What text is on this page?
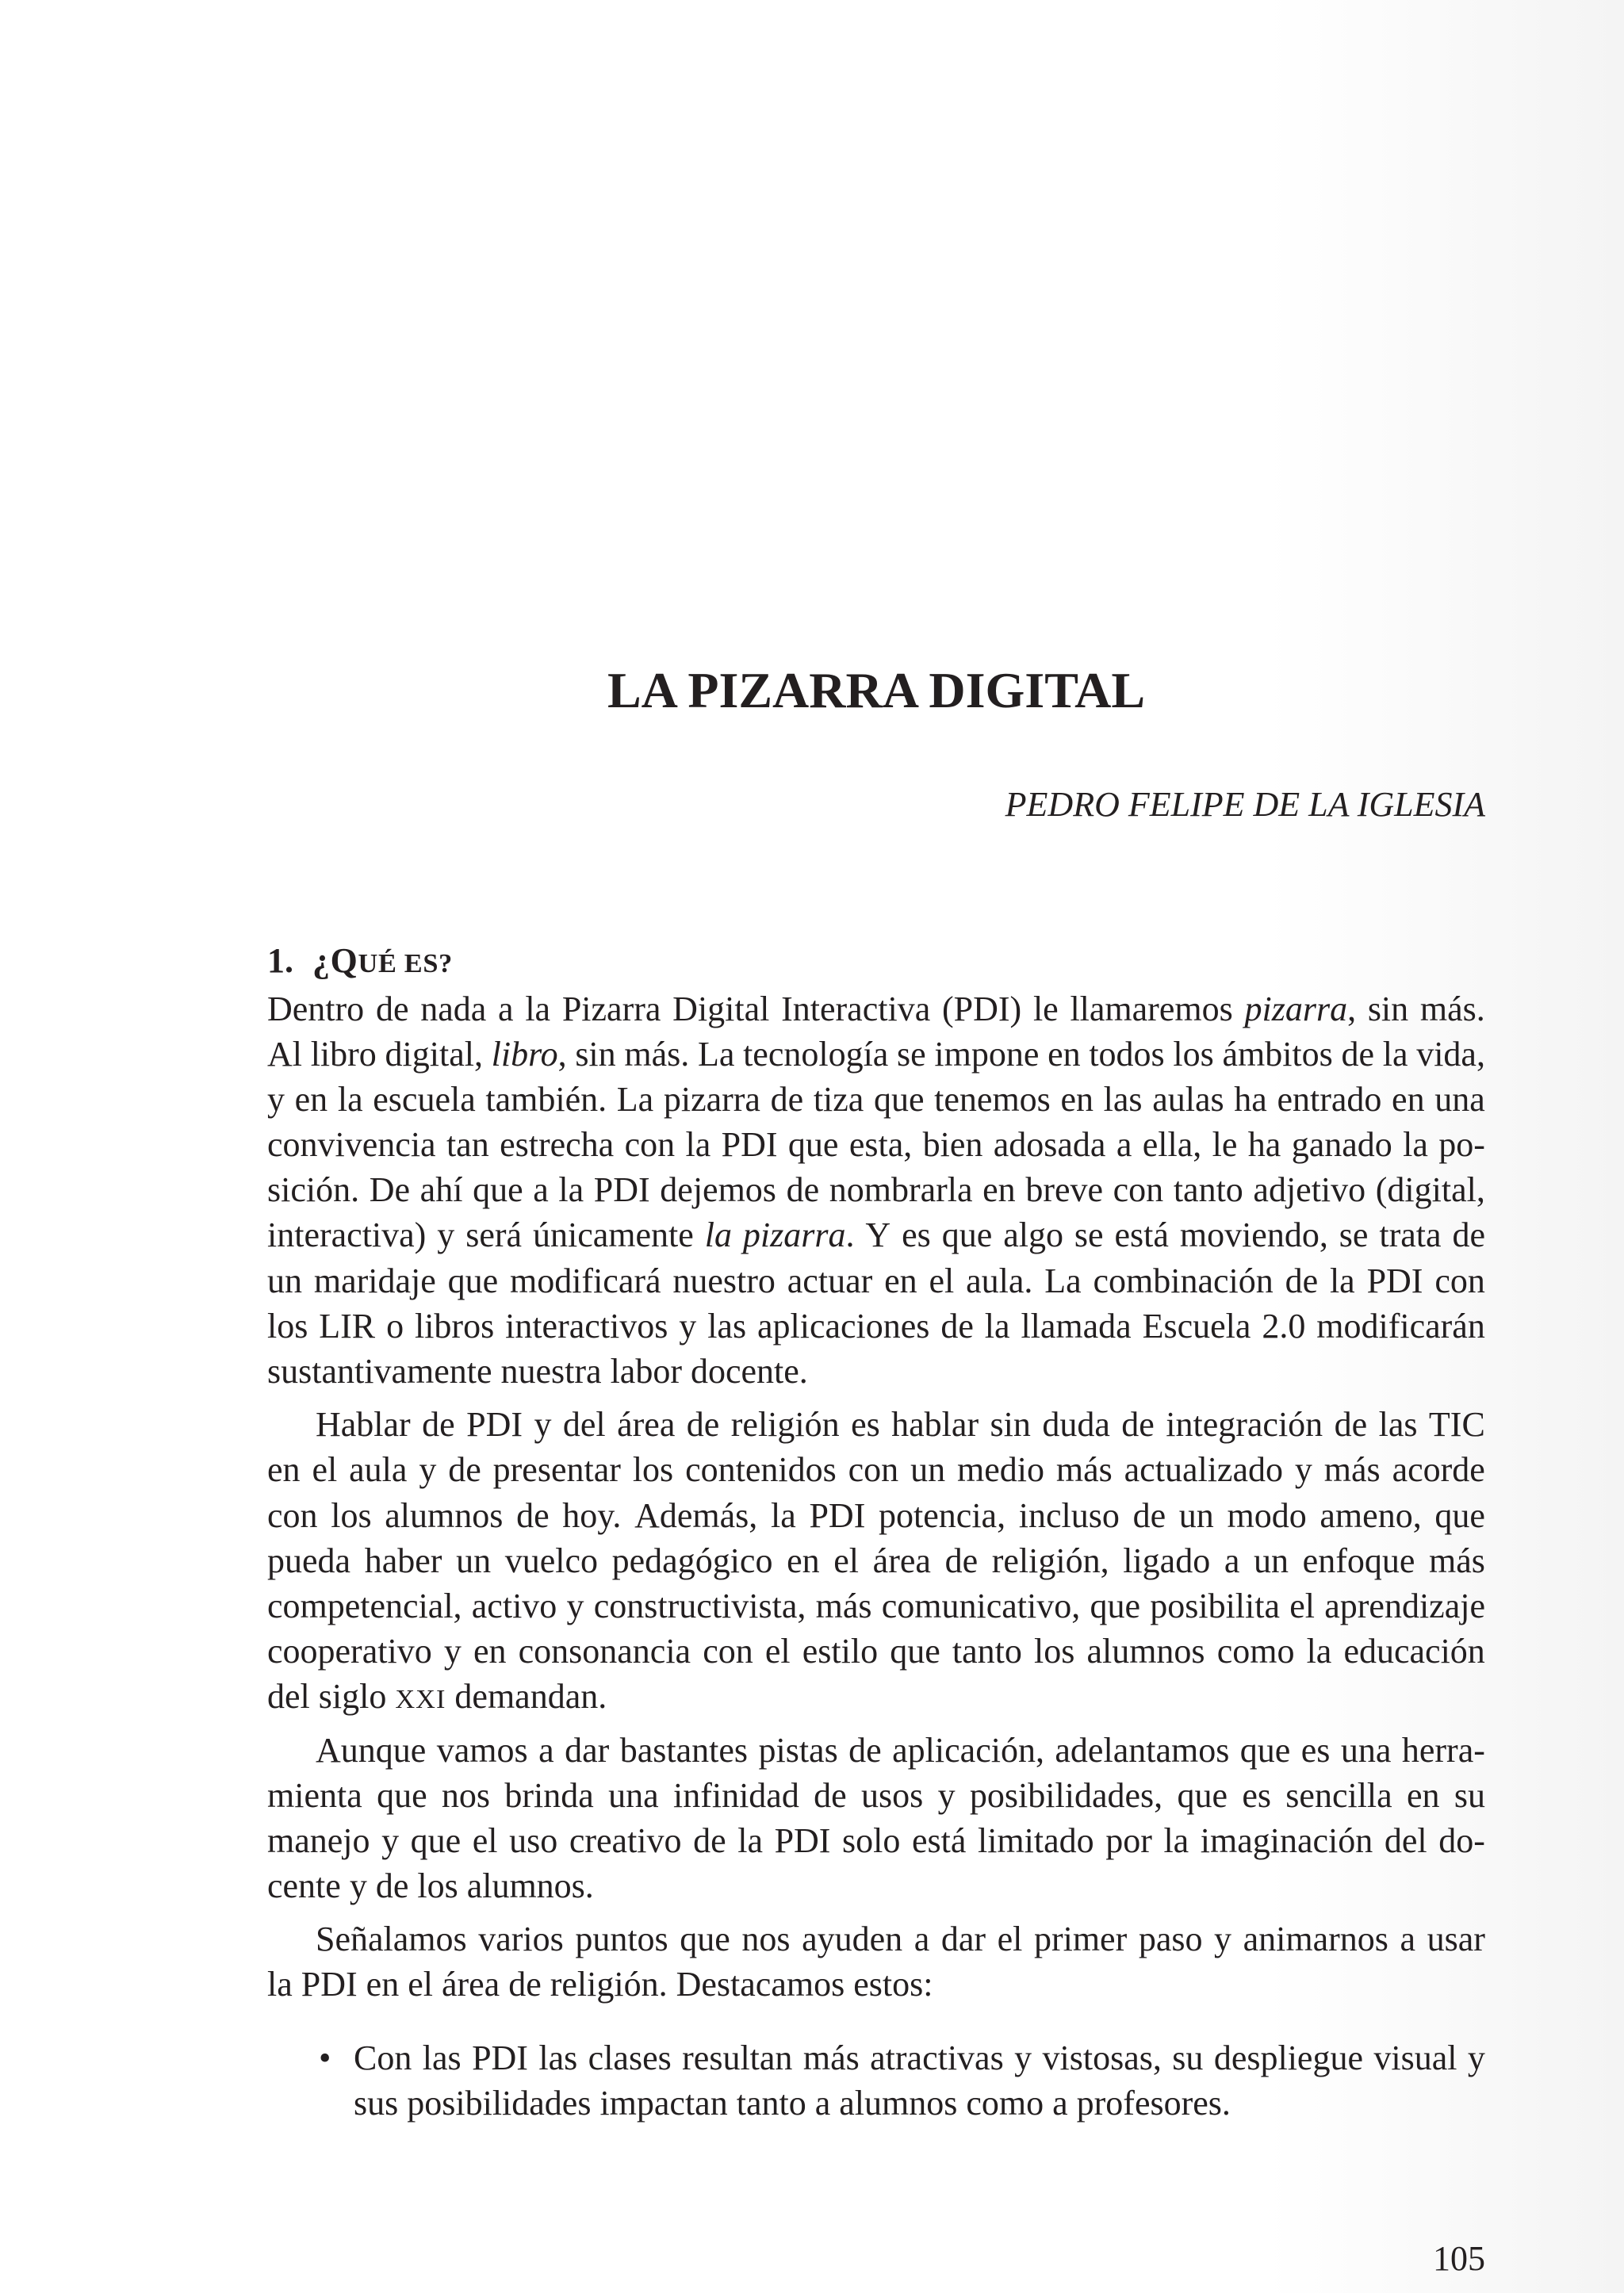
LA PIZARRA DIGITAL
PEDRO FELIPE DE LA IGLESIA
1. ¿QUÉ ES?
Dentro de nada a la Pizarra Digital Interactiva (PDI) le llamaremos pizarra, sin más.
Al libro digital, libro, sin más. La tecnología se impone en todos los ámbitos de la vida,
y en la escuela también. La pizarra de tiza que tenemos en las aulas ha entrado en una
convivencia tan estrecha con la PDI que esta, bien adosada a ella, le ha ganado la po-
sición. De ahí que a la PDI dejemos de nombrarla en breve con tanto adjetivo (digital,
interactiva) y será únicamente la pizarra. Y es que algo se está moviendo, se trata de
un maridaje que modificará nuestro actuar en el aula. La combinación de la PDI con
los LIR o libros interactivos y las aplicaciones de la llamada Escuela 2.0 modificarán
sustantivamente nuestra labor docente.
Hablar de PDI y del área de religión es hablar sin duda de integración de las TIC
en el aula y de presentar los contenidos con un medio más actualizado y más acorde
con los alumnos de hoy. Además, la PDI potencia, incluso de un modo ameno, que
pueda haber un vuelco pedagógico en el área de religión, ligado a un enfoque más
competencial, activo y constructivista, más comunicativo, que posibilita el aprendizaje
cooperativo y en consonancia con el estilo que tanto los alumnos como la educación
del siglo XXI demandan.
Aunque vamos a dar bastantes pistas de aplicación, adelantamos que es una herra-
mienta que nos brinda una infinidad de usos y posibilidades, que es sencilla en su
manejo y que el uso creativo de la PDI solo está limitado por la imaginación del do-
cente y de los alumnos.
Señalamos varios puntos que nos ayuden a dar el primer paso y animarnos a usar
la PDI en el área de religión. Destacamos estos:
• Con las PDI las clases resultan más atractivas y vistosas, su despliegue visual y
sus posibilidades impactan tanto a alumnos como a profesores.
105
